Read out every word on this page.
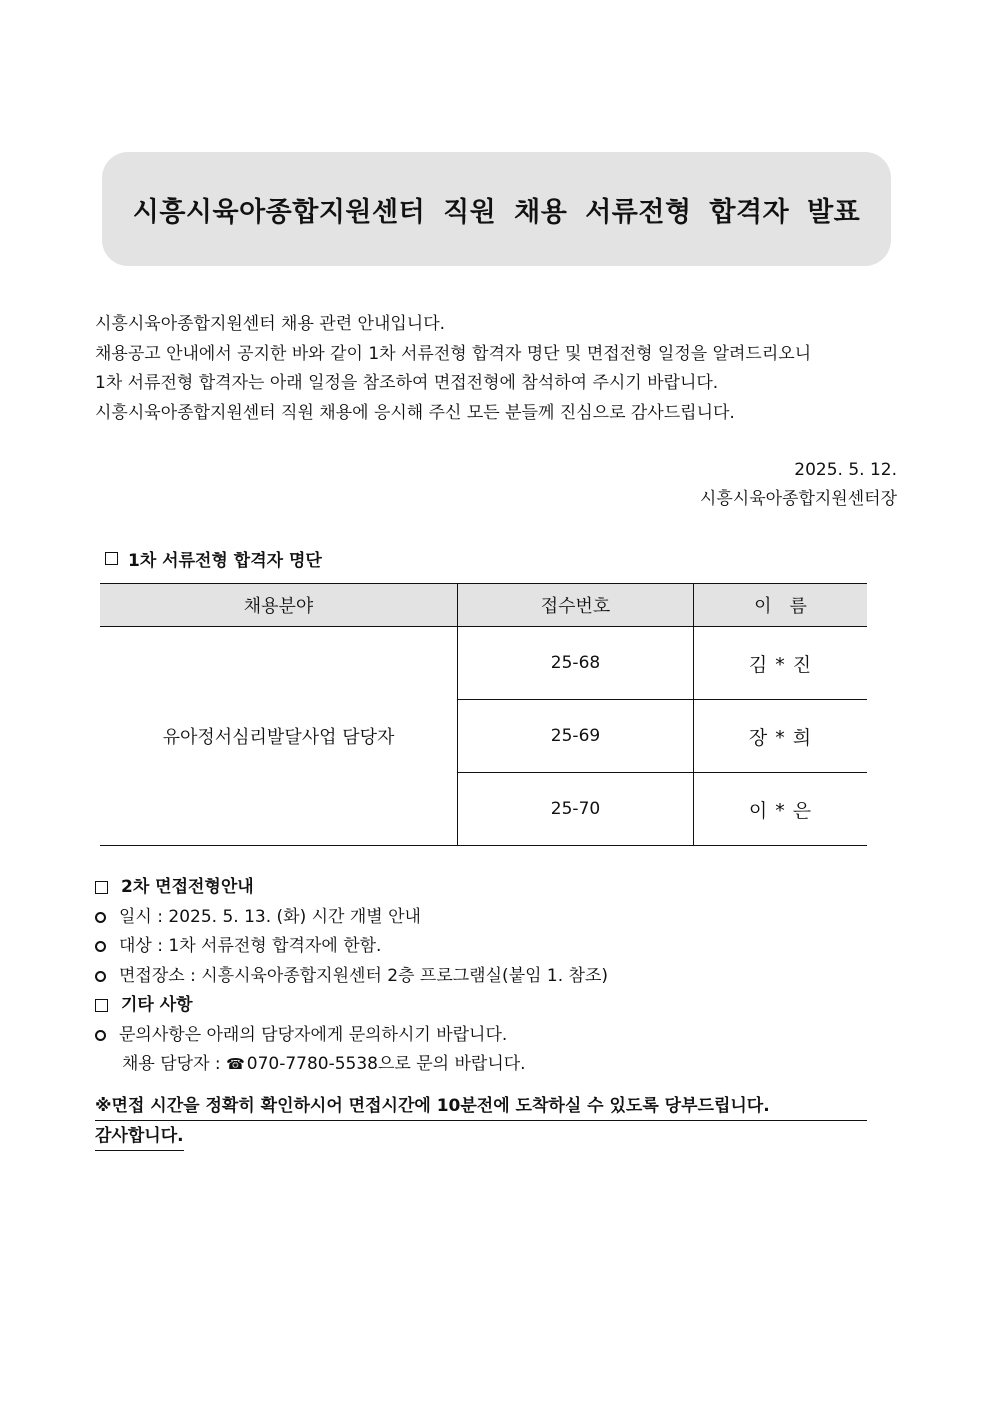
시흥시육아종합지원센터 직원 채용 서류전형 합격자 발표

시흥시육아종합지원센터 채용 관련 안내입니다.

채용공고 안내에서 공지한 바와 같이 1차 서류전형 합격자 명단 및 면접전형 일정을 알려드리오니

1차 서류전형 합격자는 아래 일정을 참조하여 면접전형에 참석하여 주시기 바랍니다.

시흥시육아종합지원센터 직원 채용에 응시해 주신 모든 분들께 진심으로 감사드립니다.

2025. 5. 12.
시흥시육아종합지원센터장
1차 서류전형 합격자 명단
채용분야	접수번호	이　름
유아정서심리발달사업 담당자	25-68	김 * 진
	25-69	장 * 희
	25-70	이 * 은
2차 면접전형안내
일시 : 2025. 5. 13. (화) 시간 개별 안내
대상 : 1차 서류전형 합격자에 한함.
면접장소 : 시흥시육아종합지원센터 2층 프로그램실(붙임 1. 참조)
기타 사항
문의사항은 아래의 담당자에게 문의하시기 바랍니다.
채용 담당자 : ☎ 070-7780-5538으로 문의 바랍니다.
※면접 시간을 정확히 확인하시어 면접시간에 10분전에 도착하실 수 있도록 당부드립니다.
감사합니다.
